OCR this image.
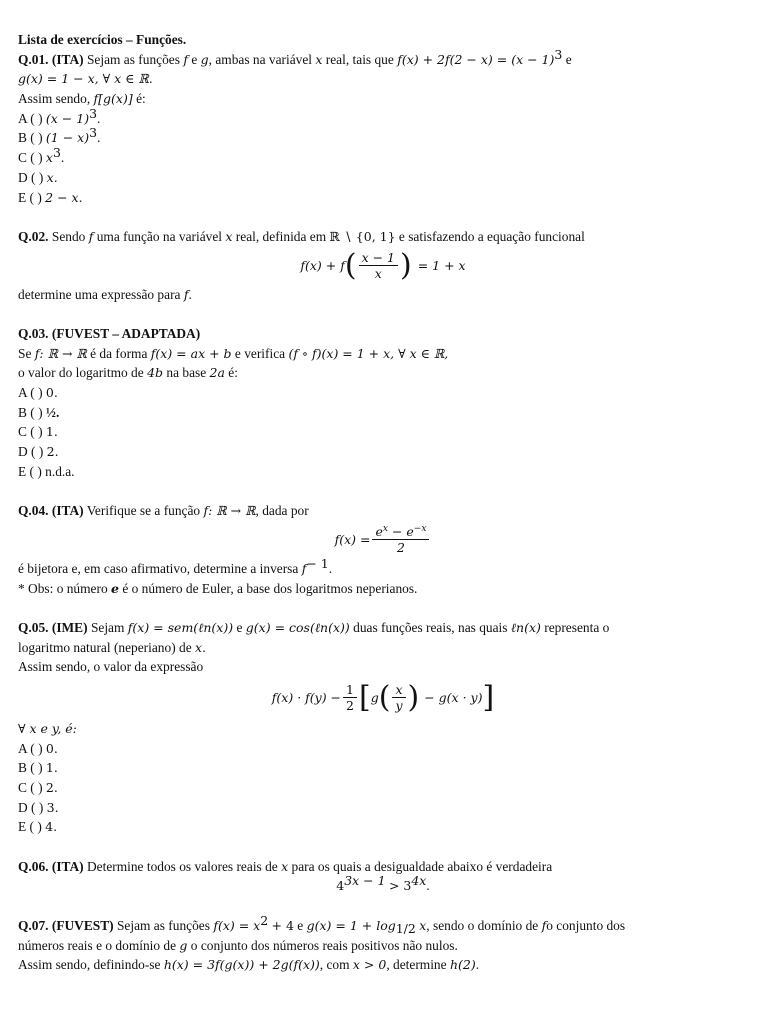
Lista de exercícios – Funções.
Q.01. (ITA) Sejam as funções f e g, ambas na variável x real, tais que $f(x) + 2f(2 - x) = (x - 1)^3$ e
g(x) = 1 − x, ∀ x ∈ ℝ.
Assim sendo, f[g(x)] é:
A ( ) $(x - 1)^3$.
B ( ) $(1 - x)^3$.
C ( ) $x^3$.
D ( ) x.
E ( ) 2 − x.
Q.02. Sendo f uma função na variável x real, definida em ℝ ∖ {0, 1} e satisfazendo a equação funcional
f(x) + f ( $\frac{x - 1}{x}$ ) = 1 + x
determine uma expressão para f.
Q.03. (FUVEST – ADAPTADA)
Se f: ℝ → ℝ é da forma f(x) = ax + b e verifica (f ∘ f)(x) = 1 + x, ∀ x ∈ ℝ,
o valor do logaritmo de 4b na base 2a é:
A ( ) 0.
B ( ) ½.
C ( ) 1.
D ( ) 2.
E ( ) n.d.a.
Q.04. (ITA) Verifique se a função f: ℝ → ℝ, dada por
$f(x) = \frac{e^x - e^{-x}}{2}$
é bijetora e, em caso afirmativo, determine a inversa $f^{- 1}$.
* Obs: o número e é o número de Euler, a base dos logaritmos neperianos.
Q.05. (IME) Sejam f(x) = sem(ℓn(x)) e g(x) = cos(ℓn(x)) duas funções reais, nas quais ℓn(x) representa o
logaritmo natural (neperiano) de x.
Assim sendo, o valor da expressão
$f(x) \cdot f(y) - \frac{1}{2}$ [ g ( $\frac{x}{y}$ ) − g(x · y) ]
∀ x e y, é:
A ( ) 0.
B ( ) 1.
C ( ) 2.
D ( ) 3.
E ( ) 4.
Q.06. (ITA) Determine todos os valores reais de x para os quais a desigualdade abaixo é verdadeira
$4^{3x - 1} > 3^{4x}$.
Q.07. (FUVEST) Sejam as funções $f(x) = x^2 + 4$ e $g(x) = 1 + \log_{1/2} x$, sendo o domínio de fo conjunto dos
números reais e o domínio de g o conjunto dos números reais positivos não nulos.
Assim sendo, definindo-se h(x) = 3f(g(x)) + 2g(f(x)), com x > 0, determine h(2).
